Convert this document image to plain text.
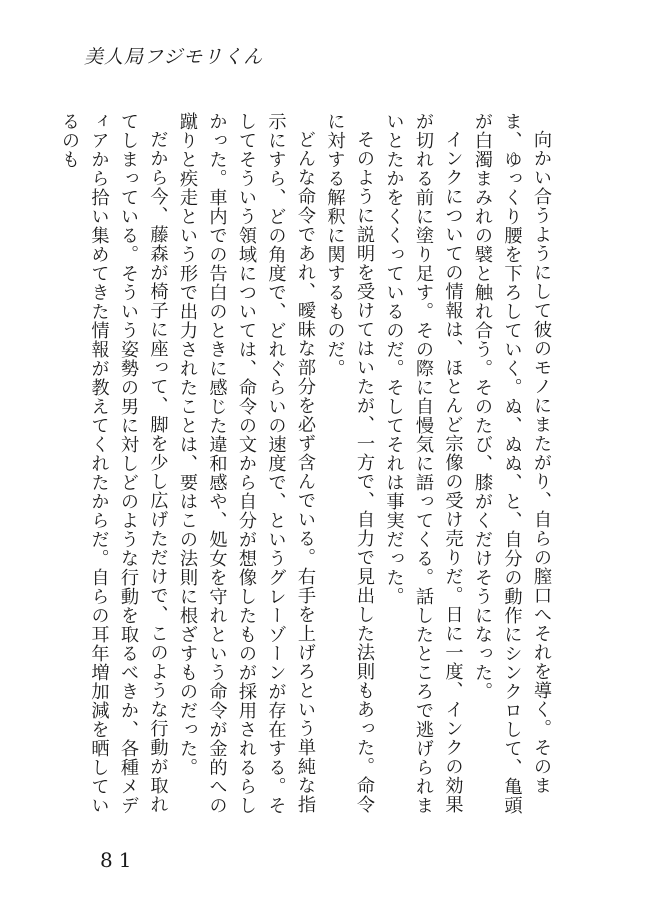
美人局フジモリくん

向かい合うようにして彼のモノにまたがり、自らの膣口へそれを導く。そのまま、ゆっくり腰を下ろしていく。ぬ、ぬぬ、と、自分の動作にシンクロして、亀頭が白濁まみれの襞と触れ合う。そのたび、膝がくだけそうになった。

インクについての情報は、ほとんど宗像の受け売りだ。日に一度、インクの効果が切れる前に塗り足す。その際に自慢気に語ってくる。話したところで逃げられまいとたかをくくっているのだ。そしてそれは事実だった。

そのように説明を受けてはいたが、一方で、自力で見出した法則もあった。命令に対する解釈に関するものだ。

どんな命令であれ、曖昧な部分を必ず含んでいる。右手を上げろという単純な指示にすら、どの角度で、どれぐらいの速度で、というグレーゾーンが存在する。そしてそういう領域については、命令の文から自分が想像したものが採用されるらしかった。車内での告白のときに感じた違和感や、処女を守れという命令が金的への蹴りと疾走という形で出力されたことは、要はこの法則に根ざすものだった。

だから今、藤森が椅子に座って、脚を少し広げただけで、このような行動が取れてしまっている。そういう姿勢の男に対しどのような行動を取るべきか、各種メディアから拾い集めてきた情報が教えてくれたからだ。自らの耳年増加減を晒しているのも

81
